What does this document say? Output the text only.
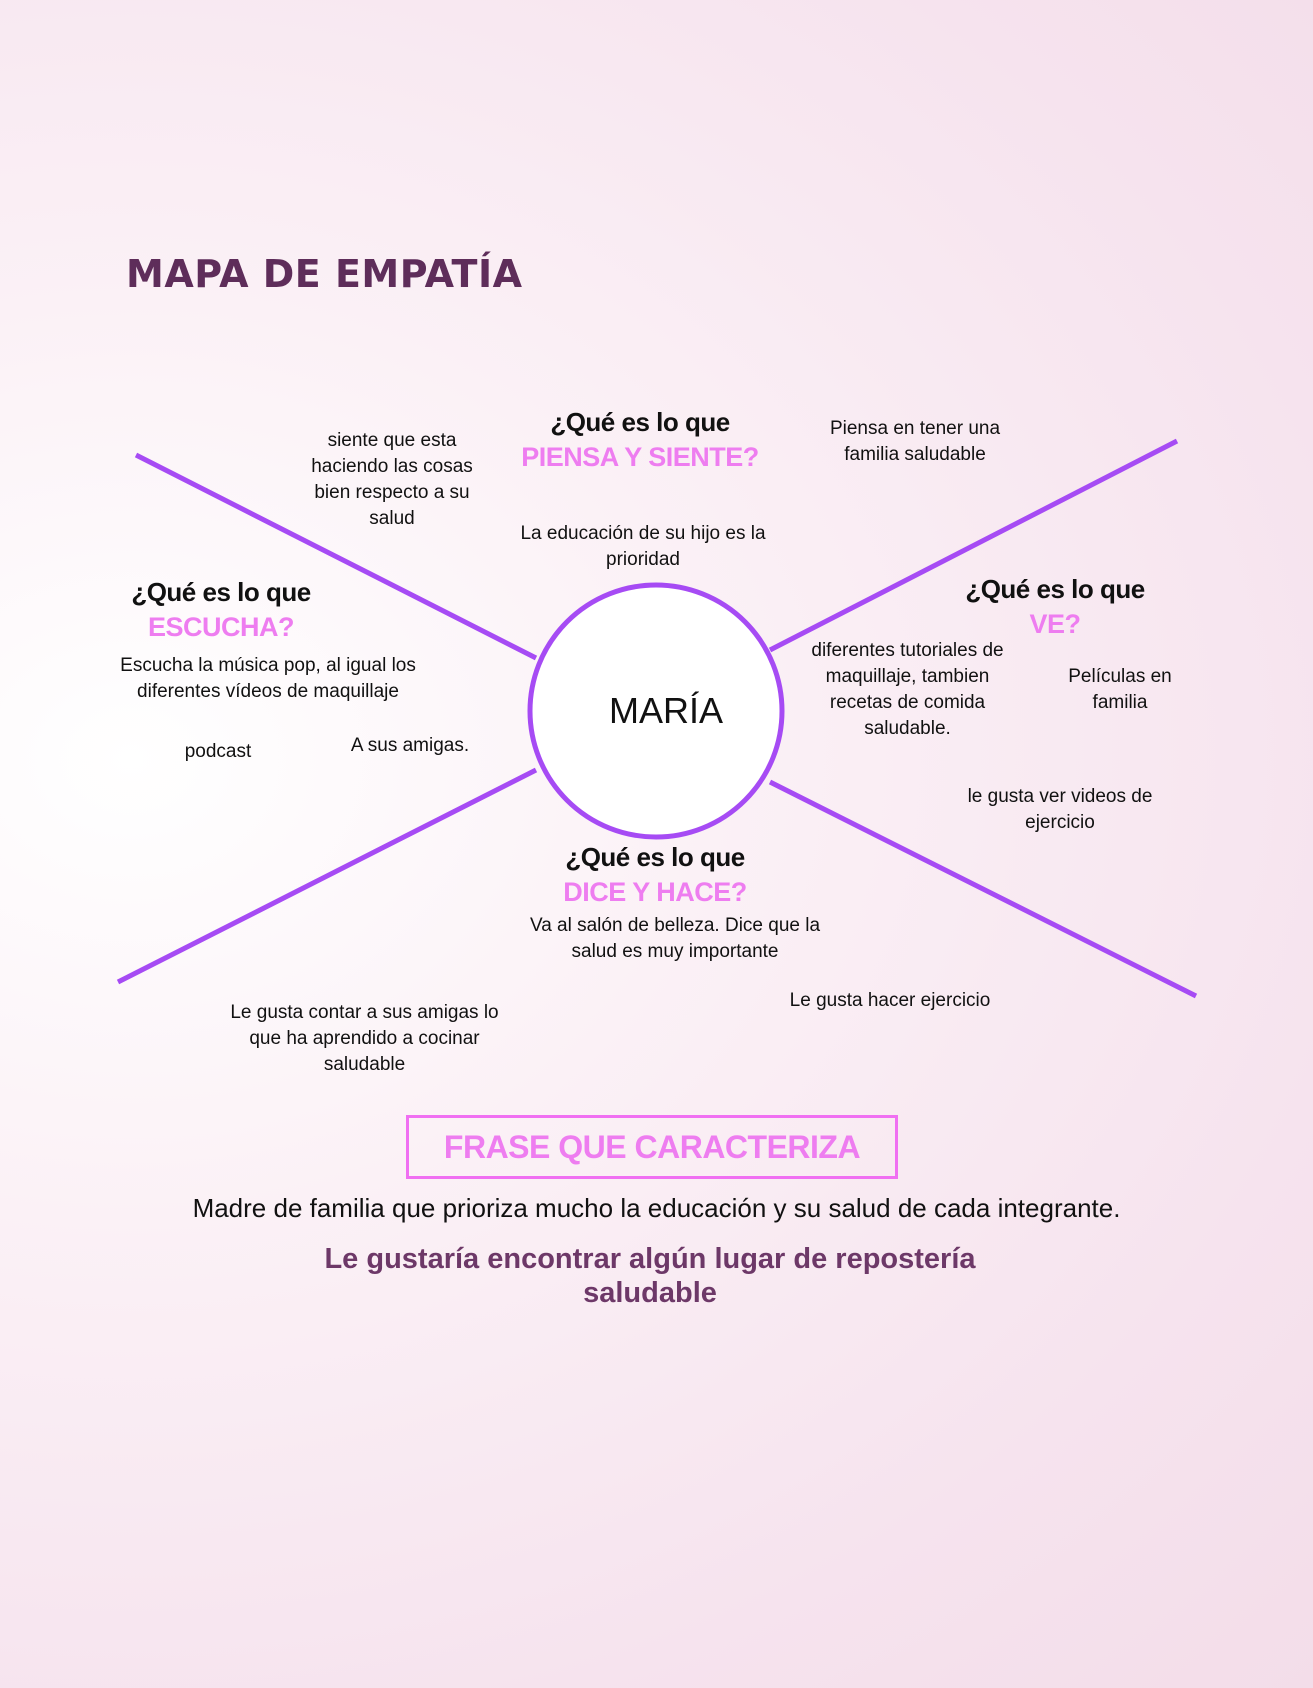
MAPA DE EMPATÍA
MARÍA
¿Qué es lo que
PIENSA Y SIENTE?
siente que esta haciendo las cosas bien respecto a su salud
Piensa en tener una familia saludable
La educación de su hijo es la prioridad
¿Qué es lo que
ESCUCHA?
Escucha la música pop, al igual los diferentes vídeos de maquillaje
podcast	A sus amigas.
¿Qué es lo que
VE?
diferentes tutoriales de maquillaje, tambien recetas de comida saludable.
Películas en familia
le gusta ver videos de ejercicio
¿Qué es lo que
DICE Y HACE?
Va al salón de belleza. Dice que la salud es muy importante
Le gusta hacer ejercicio
Le gusta contar a sus amigas lo que ha aprendido a cocinar saludable
FRASE QUE CARACTERIZA
Madre de familia que prioriza mucho la educación y su salud de cada integrante.
Le gustaría encontrar algún lugar de repostería saludable
